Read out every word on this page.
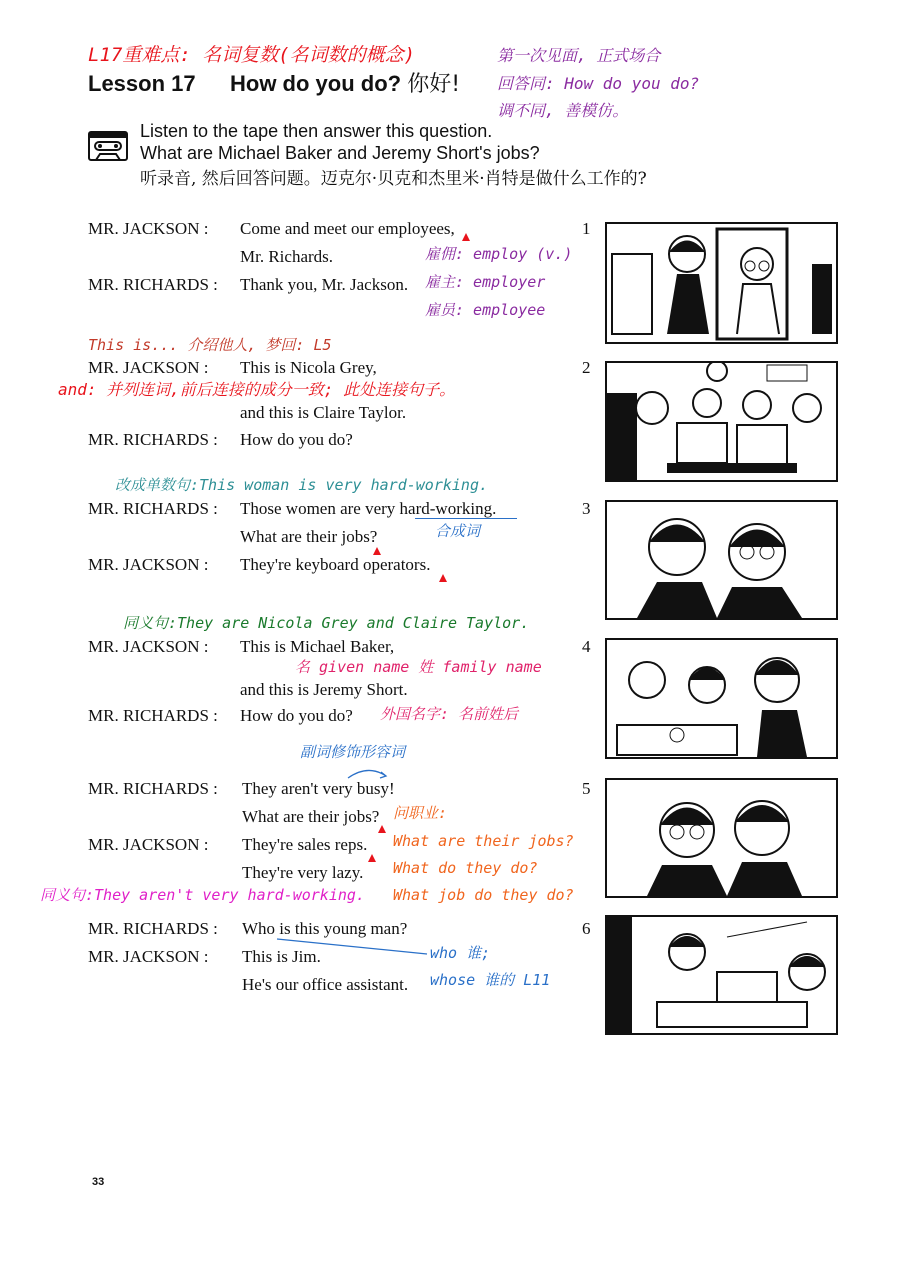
L17重难点: 名词复数(名词数的概念)	第一次见面, 正式场合
Lesson 17 How do you do? 你好! 回答同: How do you do?
调不同, 善模仿。
Listen to the tape then answer this question.
What are Michael Baker and Jeremy Short's jobs?
听录音, 然后回答问题。迈克尔·贝克和杰里米·肖特是做什么工作的?
MR. JACKSON : Come and meet our employees,	1
Mr. Richards.	雇佣: employ (v.)
MR. RICHARDS : Thank you, Mr. Jackson. 雇主: employer
雇员: employee
This is... 介绍他人, 梦回: L5
MR. JACKSON : This is Nicola Grey,	2
and: 并列连词,前后连接的成分一致; 此处连接句子。
and this is Claire Taylor.
MR. RICHARDS : How do you do?
改成单数句:This woman is very hard-working.
MR. RICHARDS : Those women are very hard-working.	3
What are their jobs?	合成词
MR. JACKSON : They're keyboard operators.
同义句:They are Nicola Grey and Claire Taylor.
MR. JACKSON : This is Michael Baker,	4
名 given name 姓 family name
and this is Jeremy Short.
MR. RICHARDS : How do you do? 外国名字: 名前姓后
副词修饰形容词
MR. RICHARDS : They aren't very busy!	5
What are their jobs? 问职业:
MR. JACKSON : They're sales reps. What are their jobs?
They're very lazy. What do they do?
同义句:They aren't very hard-working. What job do they do?
MR. RICHARDS : Who is this young man?	6
MR. JACKSON : This is Jim.	who 谁;
He's our office assistant. whose 谁的 L11
33
